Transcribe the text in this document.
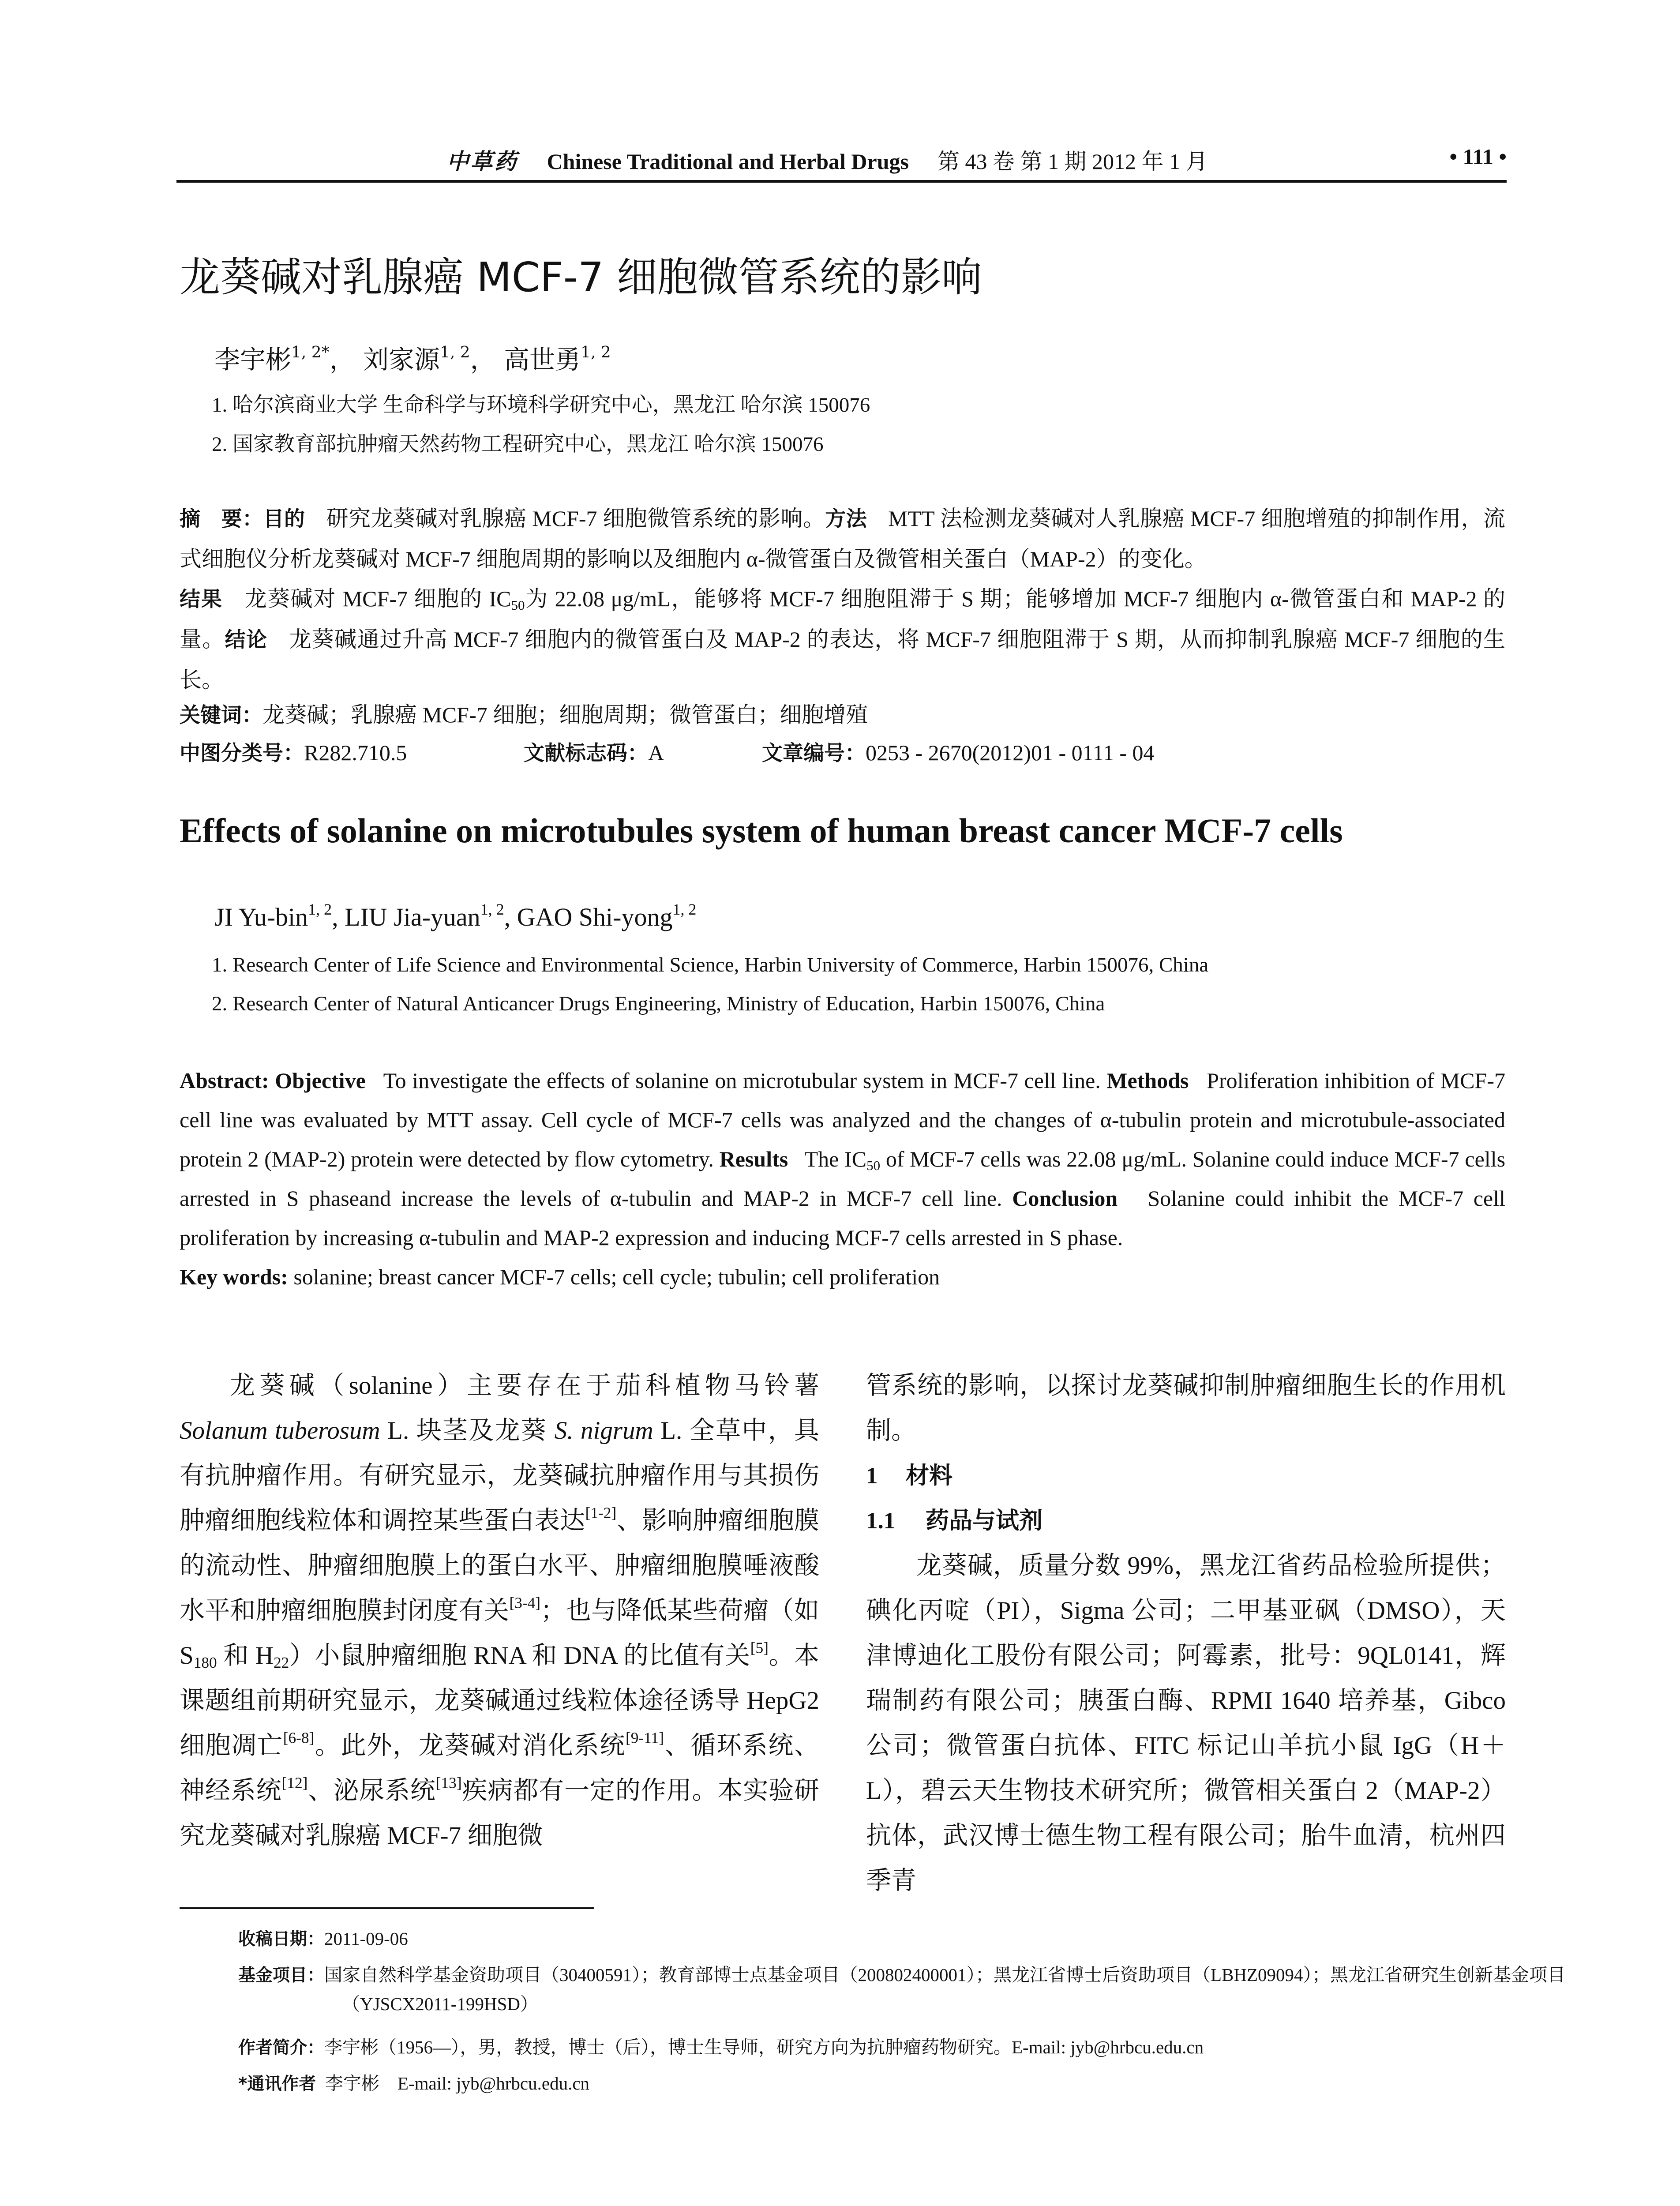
中草药 Chinese Traditional and Herbal Drugs 第 43 卷 第 1 期 2012 年 1 月	• 111 •
龙葵碱对乳腺癌 MCF-7 细胞微管系统的影响
李宇彬$^{1, 2*}$， 刘家源$^{1, 2}$， 高世勇$^{1, 2}$
1. 哈尔滨商业大学 生命科学与环境科学研究中心，黑龙江 哈尔滨 150076
2. 国家教育部抗肿瘤天然药物工程研究中心，黑龙江 哈尔滨 150076
摘　要：目的 研究龙葵碱对乳腺癌 MCF-7 细胞微管系统的影响。方法 MTT 法检测龙葵碱对人乳腺癌 MCF-7 细胞增殖的抑制作用，流式细胞仪分析龙葵碱对 MCF-7 细胞周期的影响以及细胞内 α-微管蛋白及微管相关蛋白（MAP-2）的变化。
结果 龙葵碱对 MCF-7 细胞的 $IC_{50}$为 22.08 μg/mL，能够将 MCF-7 细胞阻滞于 S 期；能够增加 MCF-7 细胞内 α-微管蛋白和 MAP-2 的量。结论 龙葵碱通过升高 MCF-7 细胞内的微管蛋白及 MAP-2 的表达，将 MCF-7 细胞阻滞于 S 期，从而抑制乳腺癌 MCF-7 细胞的生长。
关键词：龙葵碱；乳腺癌 MCF-7 细胞；细胞周期；微管蛋白；细胞增殖
中图分类号：R282.710.5	文献标志码：A	文章编号：0253 - 2670(2012)01 - 0111 - 04
Effects of solanine on microtubules system of human breast cancer MCF-7 cells
JI Yu-bin$^{1, 2}$, LIU Jia-yuan$^{1, 2}$, GAO Shi-yong$^{1, 2}$
1. Research Center of Life Science and Environmental Science, Harbin University of Commerce, Harbin 150076, China
2. Research Center of Natural Anticancer Drugs Engineering, Ministry of Education, Harbin 150076, China
Abstract: Objective To investigate the effects of solanine on microtubular system in MCF-7 cell line. Methods Proliferation inhibition of MCF-7 cell line was evaluated by MTT assay. Cell cycle of MCF-7 cells was analyzed and the changes of α-tubulin protein and microtubule-associated protein 2 (MAP-2) protein were detected by flow cytometry. Results The $IC_{50}$ of MCF-7 cells was 22.08 μg/mL. Solanine could induce MCF-7 cells arrested in S phaseand increase the levels of α-tubulin and MAP-2 in MCF-7 cell line. Conclusion Solanine could inhibit the MCF-7 cell proliferation by increasing α-tubulin and MAP-2 expression and inducing MCF-7 cells arrested in S phase.
Key words: solanine; breast cancer MCF-7 cells; cell cycle; tubulin; cell proliferation

龙葵碱（solanine）主要存在于茄科植物马铃薯 Solanum tuberosum L. 块茎及龙葵 S. nigrum L. 全草中，具有抗肿瘤作用。有研究显示，龙葵碱抗肿瘤作用与其损伤肿瘤细胞线粒体和调控某些蛋白表达[1-2]、影响肿瘤细胞膜的流动性、肿瘤细胞膜上的蛋白水平、肿瘤细胞膜唾液酸水平和肿瘤细胞膜封闭度有关[3-4]；也与降低某些荷瘤（如 $S_{180}$ 和 $H_{22}$）小鼠肿瘤细胞 RNA 和 DNA 的比值有关[5]。本课题组前期研究显示，龙葵碱通过线粒体途径诱导 HepG2 细胞凋亡[6-8]。此外，龙葵碱对消化系统[9-11]、循环系统、神经系统[12]、泌尿系统[13]疾病都有一定的作用。本实验研究龙葵碱对乳腺癌 MCF-7 细胞微

管系统的影响，以探讨龙葵碱抑制肿瘤细胞生长的作用机制。

1 材料
1.1 药品与试剂

龙葵碱，质量分数 99%，黑龙江省药品检验所提供；碘化丙啶（PI），Sigma 公司；二甲基亚砜（DMSO），天津博迪化工股份有限公司；阿霉素，批号：9QL0141，辉瑞制药有限公司；胰蛋白酶、RPMI 1640 培养基，Gibco 公司；微管蛋白抗体、FITC 标记山羊抗小鼠 IgG（H＋L），碧云天生物技术研究所；微管相关蛋白 2（MAP-2）抗体，武汉博士德生物工程有限公司；胎牛血清，杭州四季青

收稿日期：2011-09-06
基金项目：国家自然科学基金资助项目（30400591）；教育部博士点基金项目（200802400001）；黑龙江省博士后资助项目（LBHZ09094）；黑龙江省研究生创新基金项目（YJSCX2011-199HSD）
作者简介：李宇彬（1956—），男，教授，博士（后），博士生导师，研究方向为抗肿瘤药物研究。E-mail: jyb@hrbcu.edu.cn
*通讯作者 李宇彬　E-mail: jyb@hrbcu.edu.cn
